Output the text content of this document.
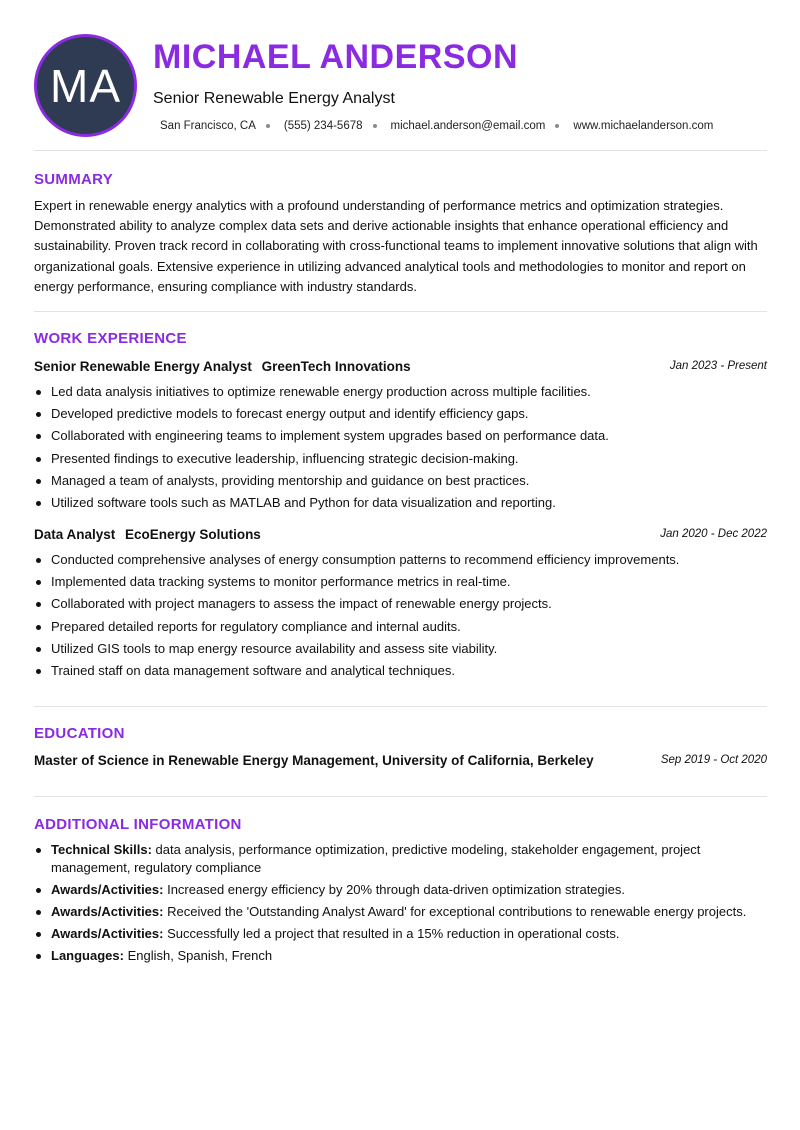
MA
MICHAEL ANDERSON
Senior Renewable Energy Analyst
San Francisco, CA (555) 234-5678 michael.anderson@email.com www.michaelanderson.com
SUMMARY
Expert in renewable energy analytics with a profound understanding of performance metrics and optimization strategies. Demonstrated ability to analyze complex data sets and derive actionable insights that enhance operational efficiency and sustainability. Proven track record in collaborating with cross-functional teams to implement innovative solutions that align with organizational goals. Extensive experience in utilizing advanced analytical tools and methodologies to monitor and report on energy performance, ensuring compliance with industry standards.
WORK EXPERIENCE
Senior Renewable Energy Analyst GreenTech Innovations	Jan 2023 - Present
Led data analysis initiatives to optimize renewable energy production across multiple facilities.
Developed predictive models to forecast energy output and identify efficiency gaps.
Collaborated with engineering teams to implement system upgrades based on performance data.
Presented findings to executive leadership, influencing strategic decision-making.
Managed a team of analysts, providing mentorship and guidance on best practices.
Utilized software tools such as MATLAB and Python for data visualization and reporting.
Data Analyst EcoEnergy Solutions	Jan 2020 - Dec 2022
Conducted comprehensive analyses of energy consumption patterns to recommend efficiency improvements.
Implemented data tracking systems to monitor performance metrics in real-time.
Collaborated with project managers to assess the impact of renewable energy projects.
Prepared detailed reports for regulatory compliance and internal audits.
Utilized GIS tools to map energy resource availability and assess site viability.
Trained staff on data management software and analytical techniques.
EDUCATION
Master of Science in Renewable Energy Management, University of California, Berkeley	Sep 2019 - Oct 2020
ADDITIONAL INFORMATION
Technical Skills: data analysis, performance optimization, predictive modeling, stakeholder engagement, project management, regulatory compliance
Awards/Activities: Increased energy efficiency by 20% through data-driven optimization strategies.
Awards/Activities: Received the 'Outstanding Analyst Award' for exceptional contributions to renewable energy projects.
Awards/Activities: Successfully led a project that resulted in a 15% reduction in operational costs.
Languages: English, Spanish, French
